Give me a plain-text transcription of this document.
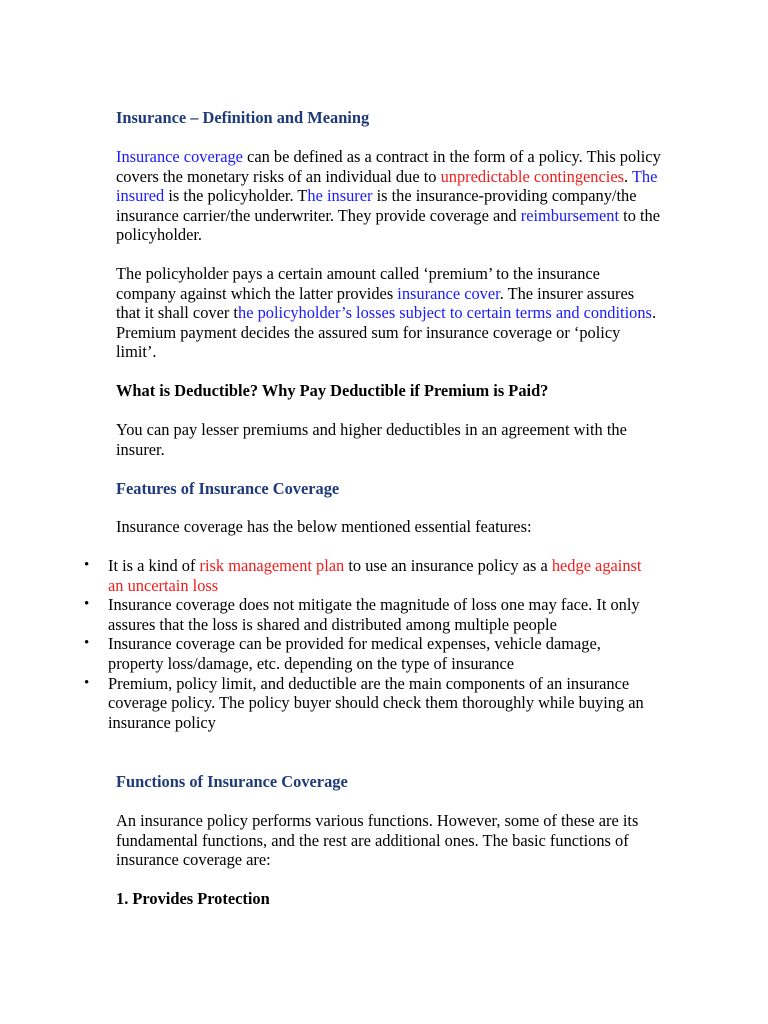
Insurance – Definition and Meaning

Insurance coverage can be defined as a contract in the form of a policy. This policy covers the monetary risks of an individual due to unpredictable contingencies. The insured is the policyholder. The insurer is the insurance-providing company/the insurance carrier/the underwriter. They provide coverage and reimbursement to the policyholder.

The policyholder pays a certain amount called ‘premium’ to the insurance company against which the latter provides insurance cover. The insurer assures that it shall cover the policyholder’s losses subject to certain terms and conditions. Premium payment decides the assured sum for insurance coverage or ‘policy limit’.

What is Deductible? Why Pay Deductible if Premium is Paid?

You can pay lesser premiums and higher deductibles in an agreement with the insurer.

Features of Insurance Coverage

Insurance coverage has the below mentioned essential features:

• It is a kind of risk management plan to use an insurance policy as a hedge against an uncertain loss
• Insurance coverage does not mitigate the magnitude of loss one may face. It only assures that the loss is shared and distributed among multiple people
• Insurance coverage can be provided for medical expenses, vehicle damage, property loss/damage, etc. depending on the type of insurance
• Premium, policy limit, and deductible are the main components of an insurance coverage policy. The policy buyer should check them thoroughly while buying an insurance policy

Functions of Insurance Coverage

An insurance policy performs various functions. However, some of these are its fundamental functions, and the rest are additional ones. The basic functions of insurance coverage are:

1. Provides Protection
